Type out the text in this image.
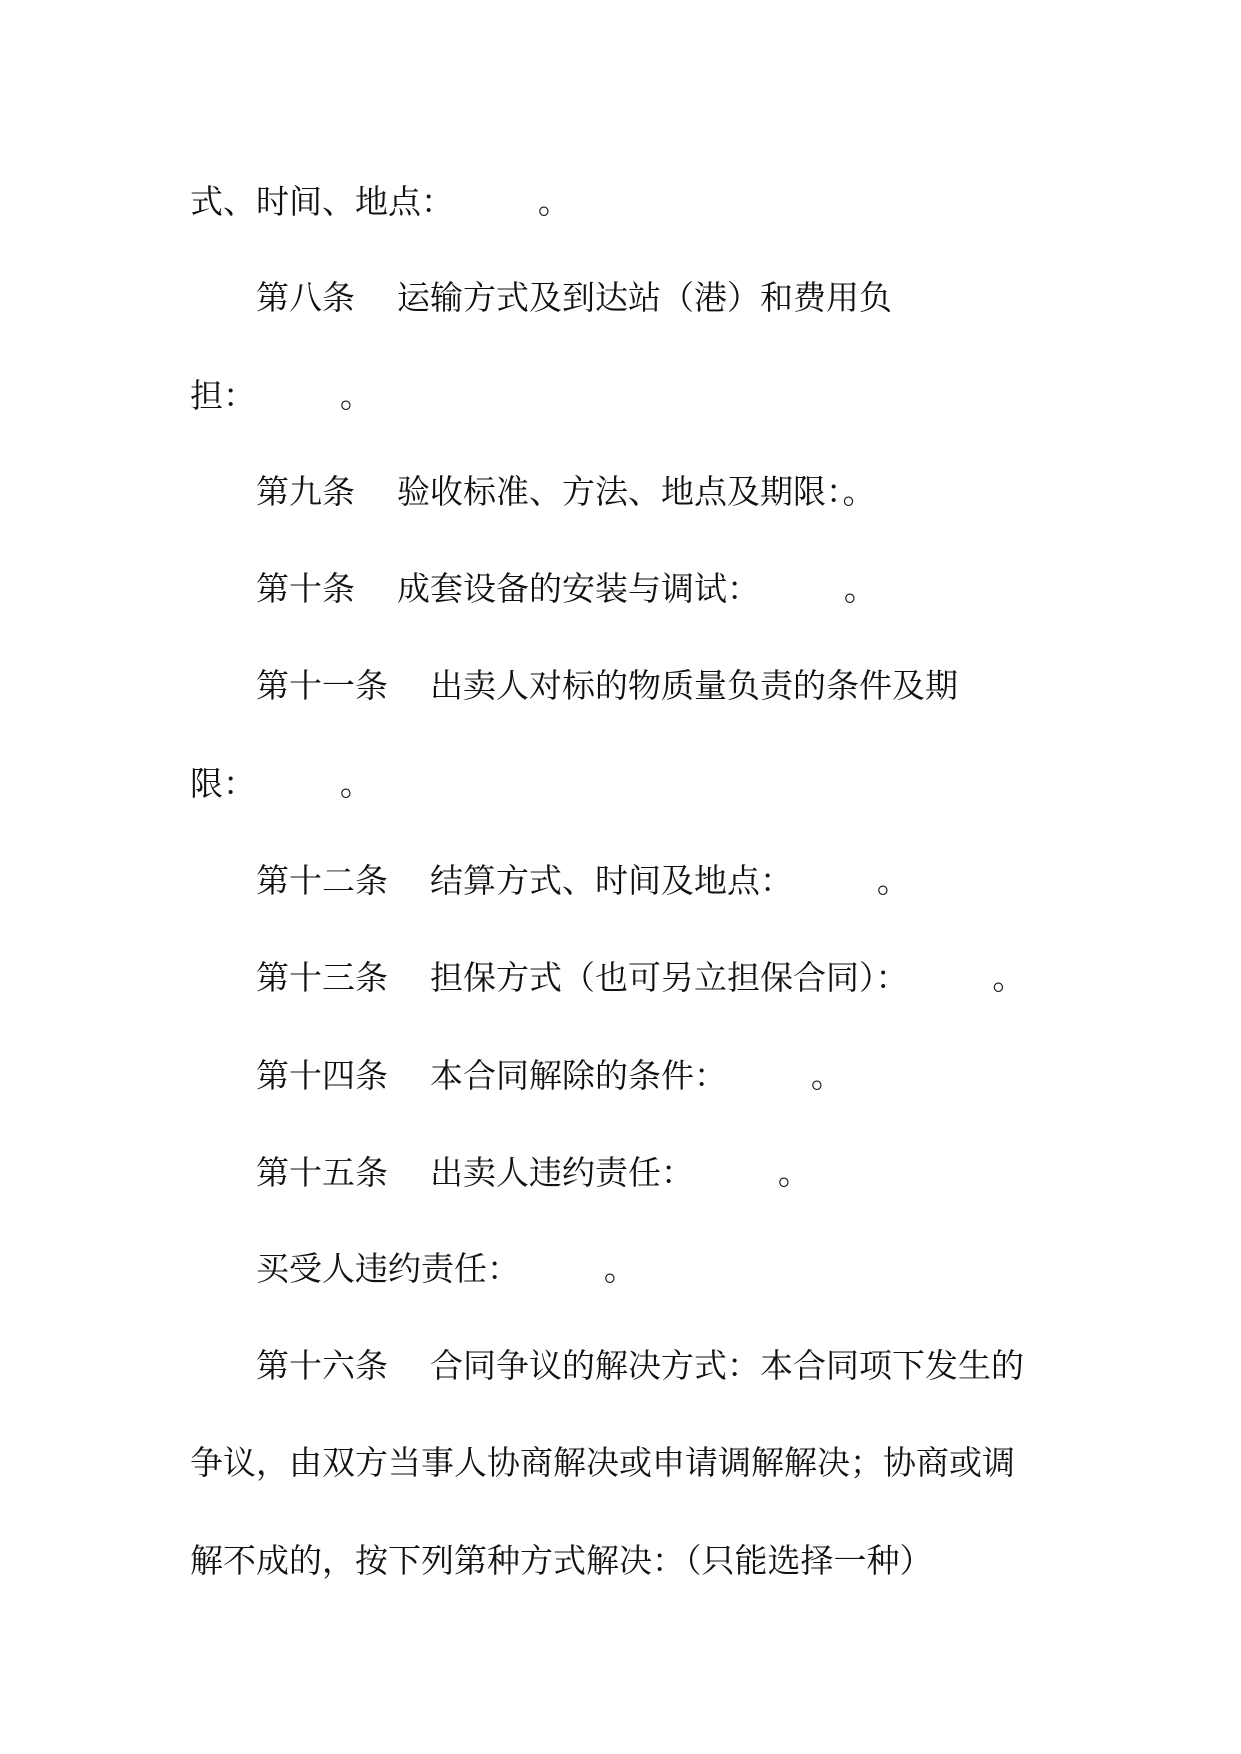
式、时间、地点：        。
第八条    运输方式及到达站（港）和费用负
担：        。
第九条    验收标准、方法、地点及期限：。
第十条    成套设备的安装与调试：        。
第十一条    出卖人对标的物质量负责的条件及期
限：        。
第十二条    结算方式、时间及地点：        。
第十三条    担保方式（也可另立担保合同）：        。
第十四条    本合同解除的条件：        。
第十五条    出卖人违约责任：        。
买受人违约责任：        。
第十六条    合同争议的解决方式：本合同项下发生的
争议，由双方当事人协商解决或申请调解解决；协商或调
解不成的，按下列第种方式解决：（只能选择一种）
